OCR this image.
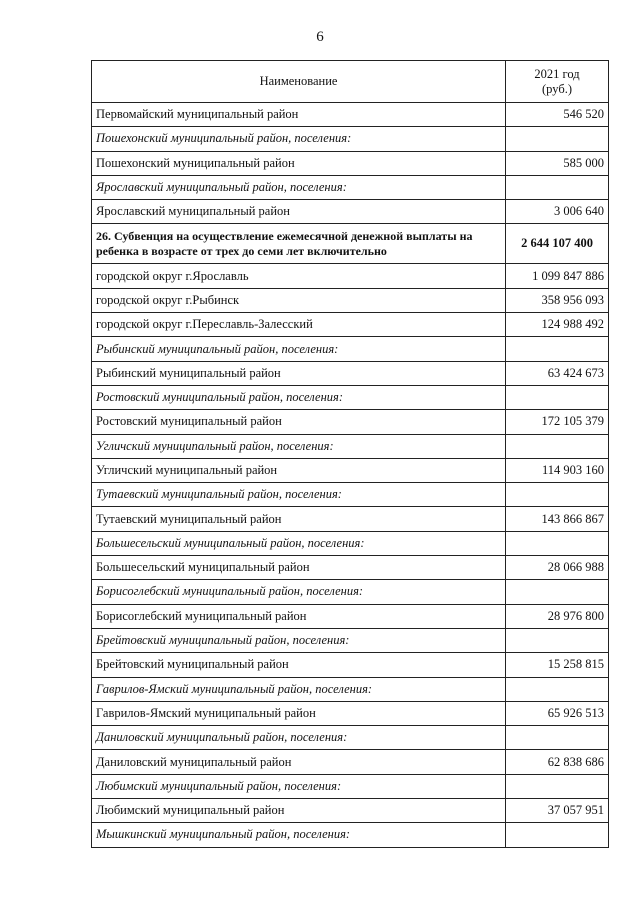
6
Наименование	2021 год
(руб.)

Первомайский муниципальный район	546 520
Пошехонский муниципальный район, поселения:	
Пошехонский муниципальный район	585 000
Ярославский муниципальный район, поселения:	
Ярославский муниципальный район	3 006 640
26. Субвенция на осуществление ежемесячной денежной выплаты на ребенка в возрасте от трех до семи лет включительно	2 644 107 400
городской округ г.Ярославль	1 099 847 886
городской округ г.Рыбинск	358 956 093
городской округ г.Переславль-Залесский	124 988 492
Рыбинский муниципальный район, поселения:	
Рыбинский муниципальный район	63 424 673
Ростовский муниципальный район, поселения:	
Ростовский муниципальный район	172 105 379
Угличский муниципальный район, поселения:	
Угличский муниципальный район	114 903 160
Тутаевский муниципальный район, поселения:	
Тутаевский муниципальный район	143 866 867
Большесельский муниципальный район, поселения:	
Большесельский муниципальный район	28 066 988
Борисоглебский муниципальный район, поселения:	
Борисоглебский муниципальный район	28 976 800
Брейтовский муниципальный район, поселения:	
Брейтовский муниципальный район	15 258 815
Гаврилов-Ямский муниципальный район, поселения:	
Гаврилов-Ямский муниципальный район	65 926 513
Даниловский муниципальный район, поселения:	
Даниловский муниципальный район	62 838 686
Любимский муниципальный район, поселения:	
Любимский муниципальный район	37 057 951
Мышкинский муниципальный район, поселения:	
